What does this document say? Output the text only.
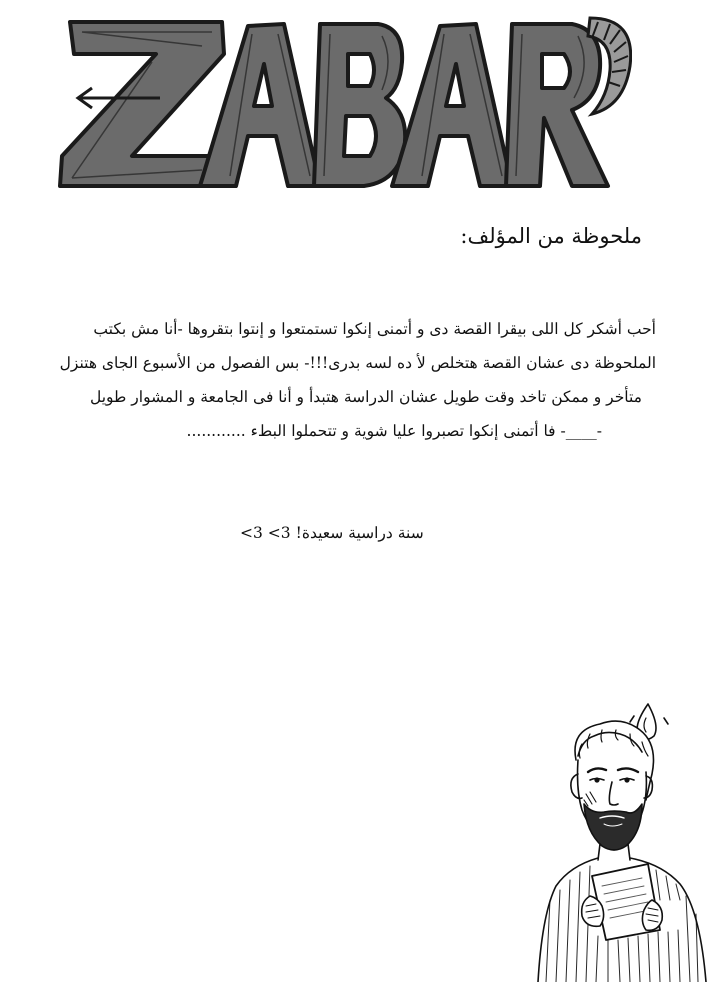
ملحوظة من المؤلف:
أحب أشكر كل اللى بيقرا القصة دى و أتمنى إنكوا تستمتعوا و إنتوا بتقروها -أنا مش بكتب
الملحوظة دى عشان القصة هتخلص لأ ده لسه بدرى!!!- بس الفصول من الأسبوع الجاى هتنزل
متأخر و ممكن تاخد وقت طويل عشان الدراسة هتبدأ و أنا فى الجامعة و المشوار طويل
-____- فا أتمنى إنكوا تصبروا عليا شوية و تتحملوا البطء ............
سنة دراسية سعيدة! 3> 3>
